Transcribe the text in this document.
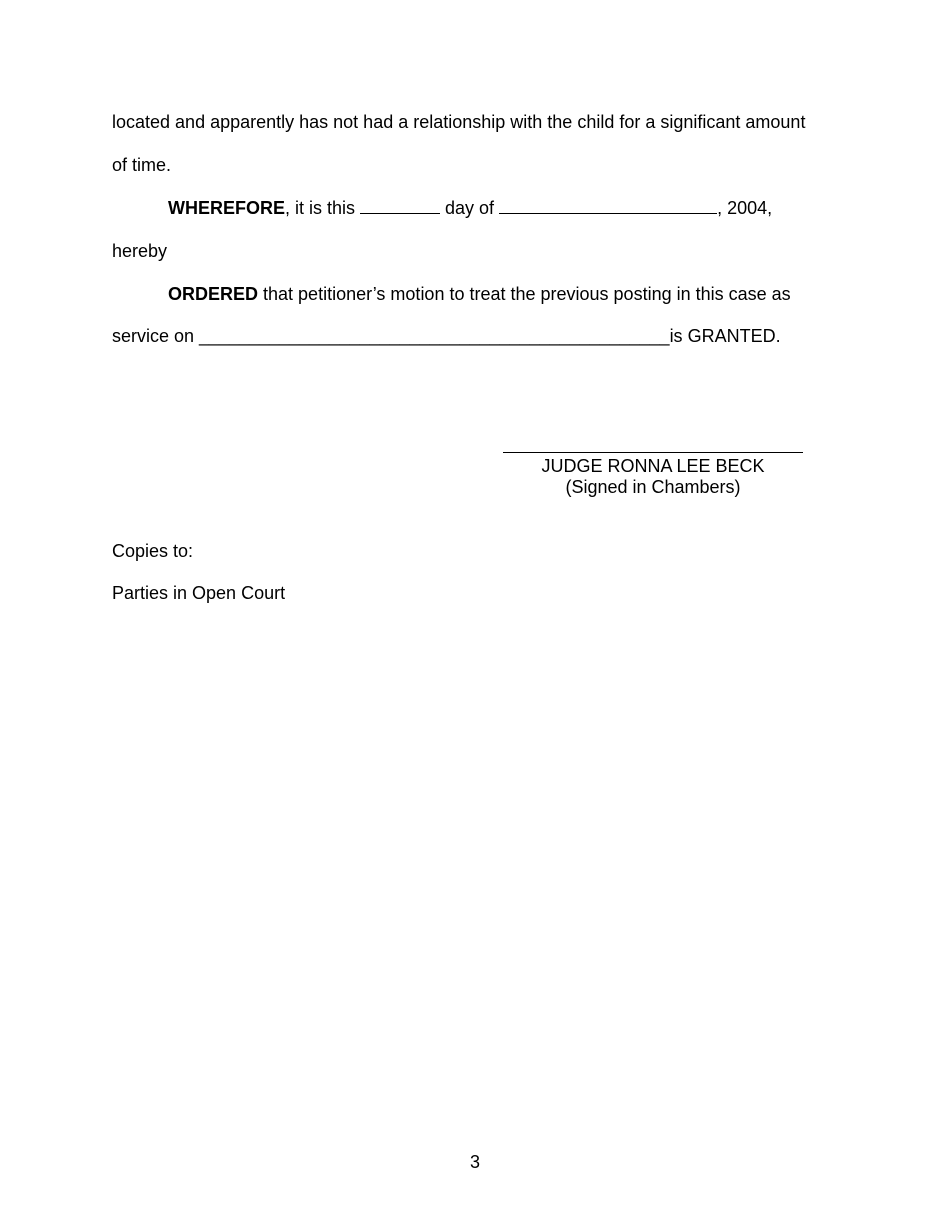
located and apparently has not had a relationship with the child for a significant amount
of time.
WHEREFORE, it is this	day of	, 2004,
hereby
ORDERED that petitioner’s motion to treat the previous posting in this case as
service on _______________________________________________is GRANTED.
JUDGE RONNA LEE BECK
(Signed in Chambers)
Copies to:
Parties in Open Court
3
